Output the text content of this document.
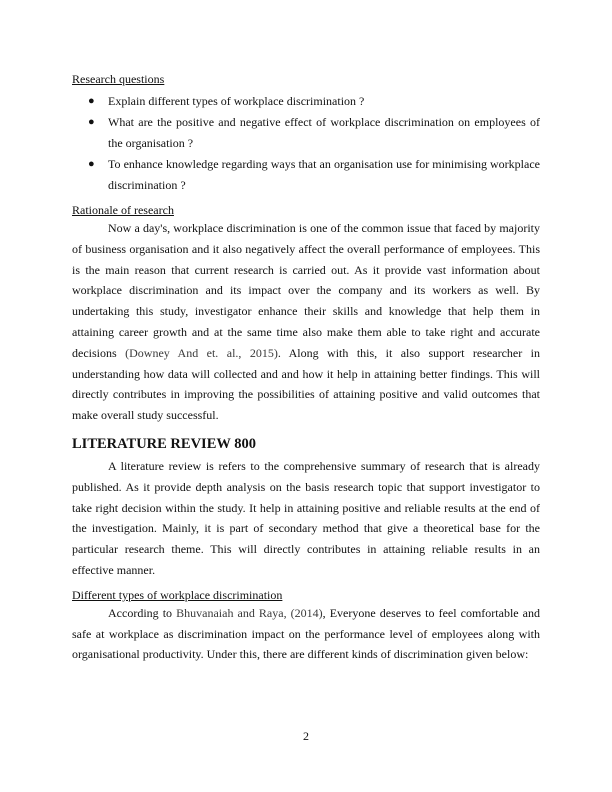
Research questions

● Explain different types of workplace discrimination ?
● What are the positive and negative effect of workplace discrimination on employees of the organisation ?
● To enhance knowledge regarding ways that an organisation use for minimising workplace discrimination ?

Rationale of research

Now a day's, workplace discrimination is one of the common issue that faced by majority of business organisation and it also negatively affect the overall performance of employees. This is the main reason that current research is carried out. As it provide vast information about workplace discrimination and its impact over the company and its workers as well. By undertaking this study, investigator enhance their skills and knowledge that help them in attaining career growth and at the same time also make them able to take right and accurate decisions (Downey And et. al., 2015). Along with this, it also support researcher in understanding how data will collected and and how it help in attaining better findings. This will directly contributes in improving the possibilities of attaining positive and valid outcomes that make overall study successful.

LITERATURE REVIEW 800

A literature review is refers to the comprehensive summary of research that is already published. As it provide depth analysis on the basis research topic that support investigator to take right decision within the study. It help in attaining positive and reliable results at the end of the investigation. Mainly, it is part of secondary method that give a theoretical base for the particular research theme. This will directly contributes in attaining reliable results in an effective manner.

Different types of workplace discrimination

According to Bhuvanaiah and Raya, (2014), Everyone deserves to feel comfortable and safe at workplace as discrimination impact on the performance level of employees along with organisational productivity. Under this, there are different kinds of discrimination given below:

2
